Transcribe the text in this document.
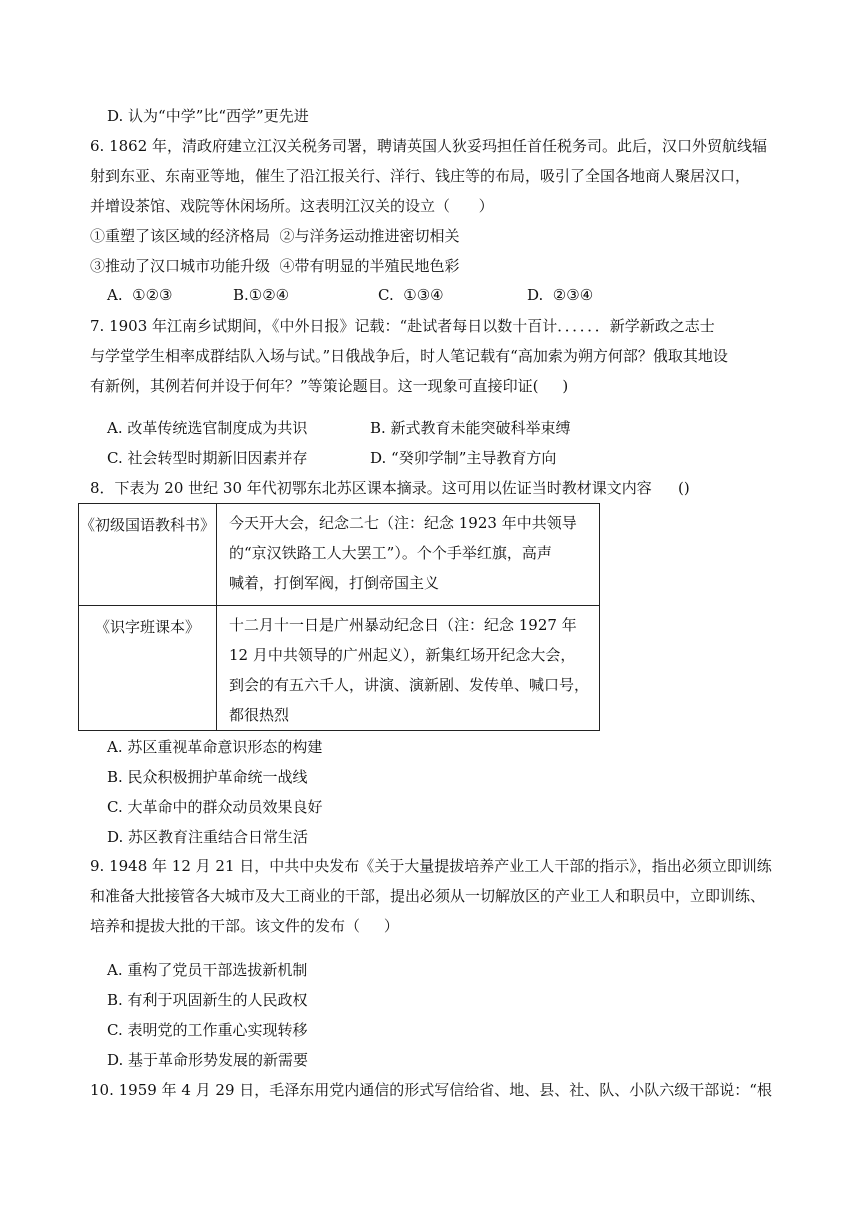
D. 认为“中学”比“西学”更先进
6. 1862 年，清政府建立江汉关税务司署，聘请英国人狄妥玛担任首任税务司。此后，汉口外贸航线辐
射到东亚、东南亚等地，催生了沿江报关行、洋行、钱庄等的布局，吸引了全国各地商人聚居汉口，
并增设茶馆、戏院等休闲场所。这表明江汉关的设立（      ）
①重塑了该区域的经济格局  ②与洋务运动推进密切相关
③推动了汉口城市功能升级  ④带有明显的半殖民地色彩
A.  ①②③	B.①②④	C.  ①③④	D.  ②③④
7. 1903 年江南乡试期间，《中外日报》记载：“赴试者每日以数十百计．．．．．．新学新政之志士
与学堂学生相率成群结队入场与试。”日俄战争后，时人笔记载有“高加索为朔方何部？俄取其地设
有新例，其例若何并设于何年？”等策论题目。这一现象可直接印证(     )
A. 改革传统选官制度成为共识	B. 新式教育未能突破科举束缚
C. 社会转型时期新旧因素并存	D. “癸卯学制”主导教育方向
8．下表为 20 世纪 30 年代初鄂东北苏区课本摘录。这可用以佐证当时教材课文内容 ()
《初级国语教科书》	今天开大会，纪念二七（注：纪念 1923 年中共领导
的“京汉铁路工人大罢工”）。个个手举红旗，高声
喊着，打倒军阀，打倒帝国主义
《识字班课本》	十二月十一日是广州暴动纪念日（注：纪念 1927 年
12 月中共领导的广州起义），新集红场开纪念大会，
到会的有五六千人，讲演、演新剧、发传单、喊口号，
都很热烈
A. 苏区重视革命意识形态的构建
B. 民众积极拥护革命统一战线
C. 大革命中的群众动员效果良好
D. 苏区教育注重结合日常生活
9. 1948 年 12 月 21 日，中共中央发布《关于大量提拔培养产业工人干部的指示》，指出必须立即训练
和准备大批接管各大城市及大工商业的干部，提出必须从一切解放区的产业工人和职员中，立即训练、
培养和提拔大批的干部。该文件的发布（     ）
A. 重构了党员干部选拔新机制
B. 有利于巩固新生的人民政权
C. 表明党的工作重心实现转移
D. 基于革命形势发展的新需要
10. 1959 年 4 月 29 日，毛泽东用党内通信的形式写信给省、地、县、社、队、小队六级干部说：“根
